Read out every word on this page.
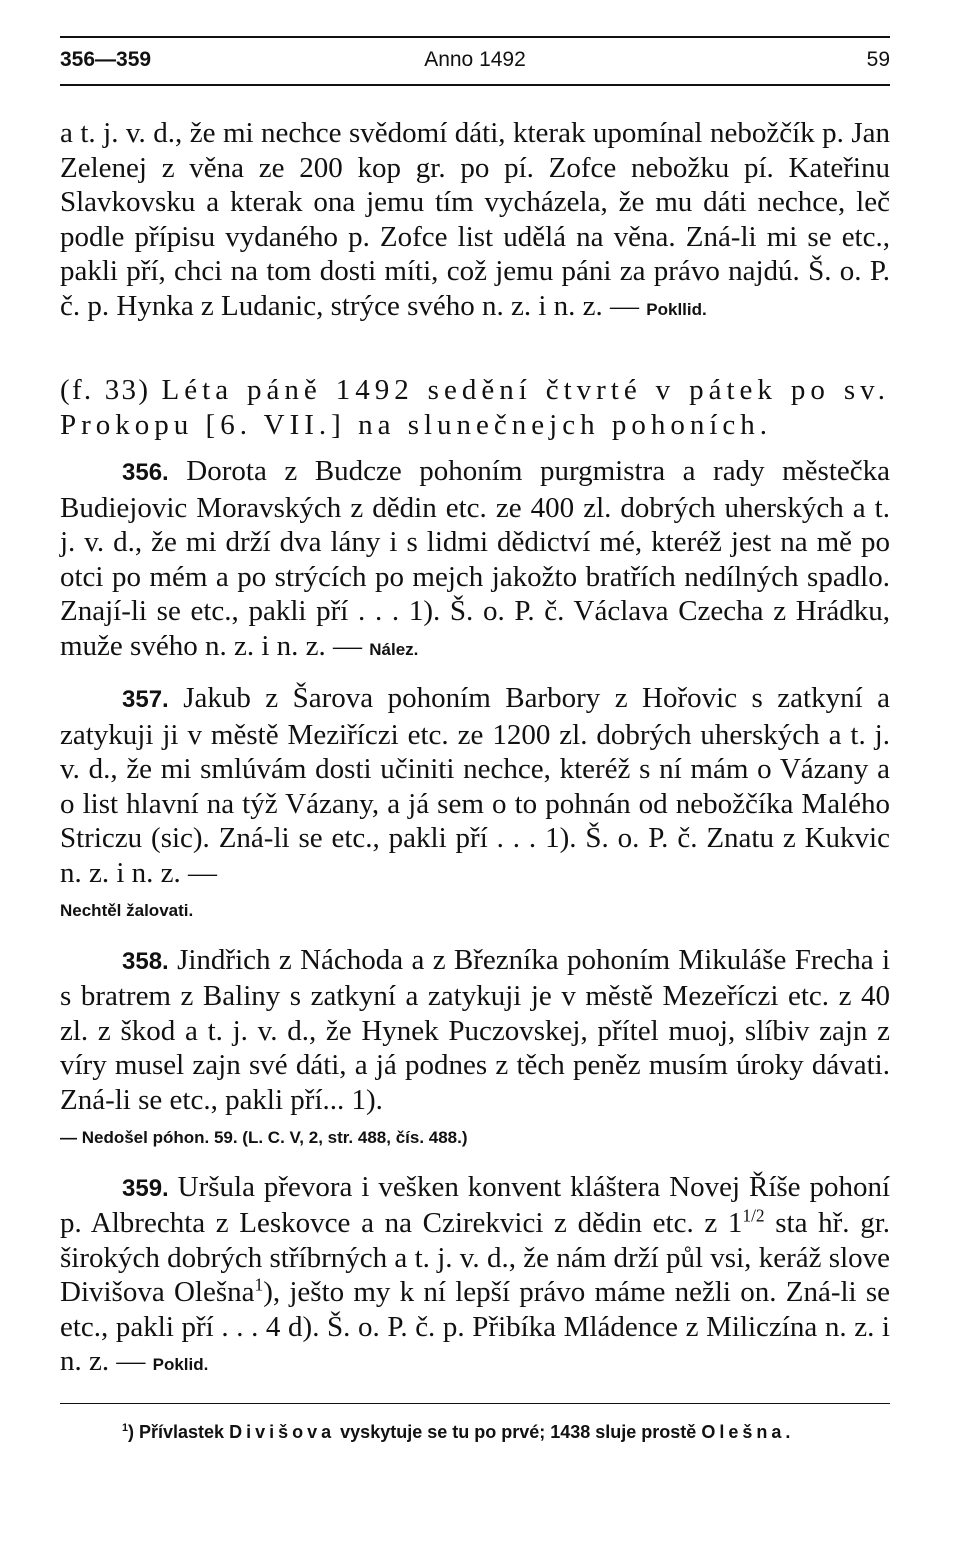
356—359	Anno 1492	59

a t. j. v. d., že mi nechce svědomí dáti, kterak upomínal nebožčík p. Jan Zelenej z věna ze 200 kop gr. po pí. Zofce nebožku pí. Kateřinu Slavkovsku a kterak ona jemu tím vycházela, že mu dáti nechce, leč podle přípisu vydaného p. Zofce list udělá na věna. Zná-li mi se etc., pakli pří, chci na tom dosti míti, což jemu páni za právo najdú. Š. o. P. č. p. Hynka z Ludanic, strýce svého n. z. i n. z. — Pokllid.

(f. 33) Léta páně 1492 sedění čtvrté v pátek po sv. Prokopu [6. VII.] na slunečnejch pohoních.

356. Dorota z Budcze pohoním purgmistra a rady městečka Budiejovic Moravských z dědin etc. ze 400 zl. dobrých uherských a t. j. v. d., že mi drží dva lány i s lidmi dědictví mé, kteréž jest na mě po otci po mém a po strýcích po mejch jakožto bratřích nedílných spadlo. Znají-li se etc., pakli pří . . . 1). Š. o. P. č. Václava Czecha z Hrádku, muže svého n. z. i n. z. — Nález.

357. Jakub z Šarova pohoním Barbory z Hořovic s zatkyní a zatykuji ji v městě Meziříczi etc. ze 1200 zl. dobrých uherských a t. j. v. d., že mi smlúvám dosti učiniti nechce, kteréž s ní mám o Vázany a o list hlavní na týž Vázany, a já sem o to pohnán od nebožčíka Malého Striczu (sic). Zná-li se etc., pakli pří . . . 1). Š. o. P. č. Znatu z Kukvic n. z. i n. z. —
Nechtěl žalovati.

358. Jindřich z Náchoda a z Březníka pohoním Mikuláše Frecha i s bratrem z Baliny s zatkyní a zatykuji je v městě Mezeříczi etc. z 40 zl. z škod a t. j. v. d., že Hynek Puczovskej, přítel muoj, slíbiv zajn z víry musel zajn své dáti, a já podnes z těch peněz musím úroky dávati. Zná-li se etc., pakli pří... 1).
— Nedošel póhon. 59. (L. C. V, 2, str. 488, čís. 488.)

359. Uršula převora i vešken konvent kláštera Novej Říše pohoní p. Albrechta z Leskovce a na Czirekvici z dědin etc. z $1^{1/2}$ sta hř. gr. širokých dobrých stříbrných a t. j. v. d., že nám drží půl vsi, keráž slove Divišova Olešna$^1$), ješto my k ní lepší právo máme nežli on. Zná-li se etc., pakli pří . . . 4 d). Š. o. P. č. p. Přibíka Mládence z Miliczína n. z. i n. z. — Poklid.

$^1$) Přívlastek Divišova vyskytuje se tu po prvé; 1438 sluje prostě Olešna.
